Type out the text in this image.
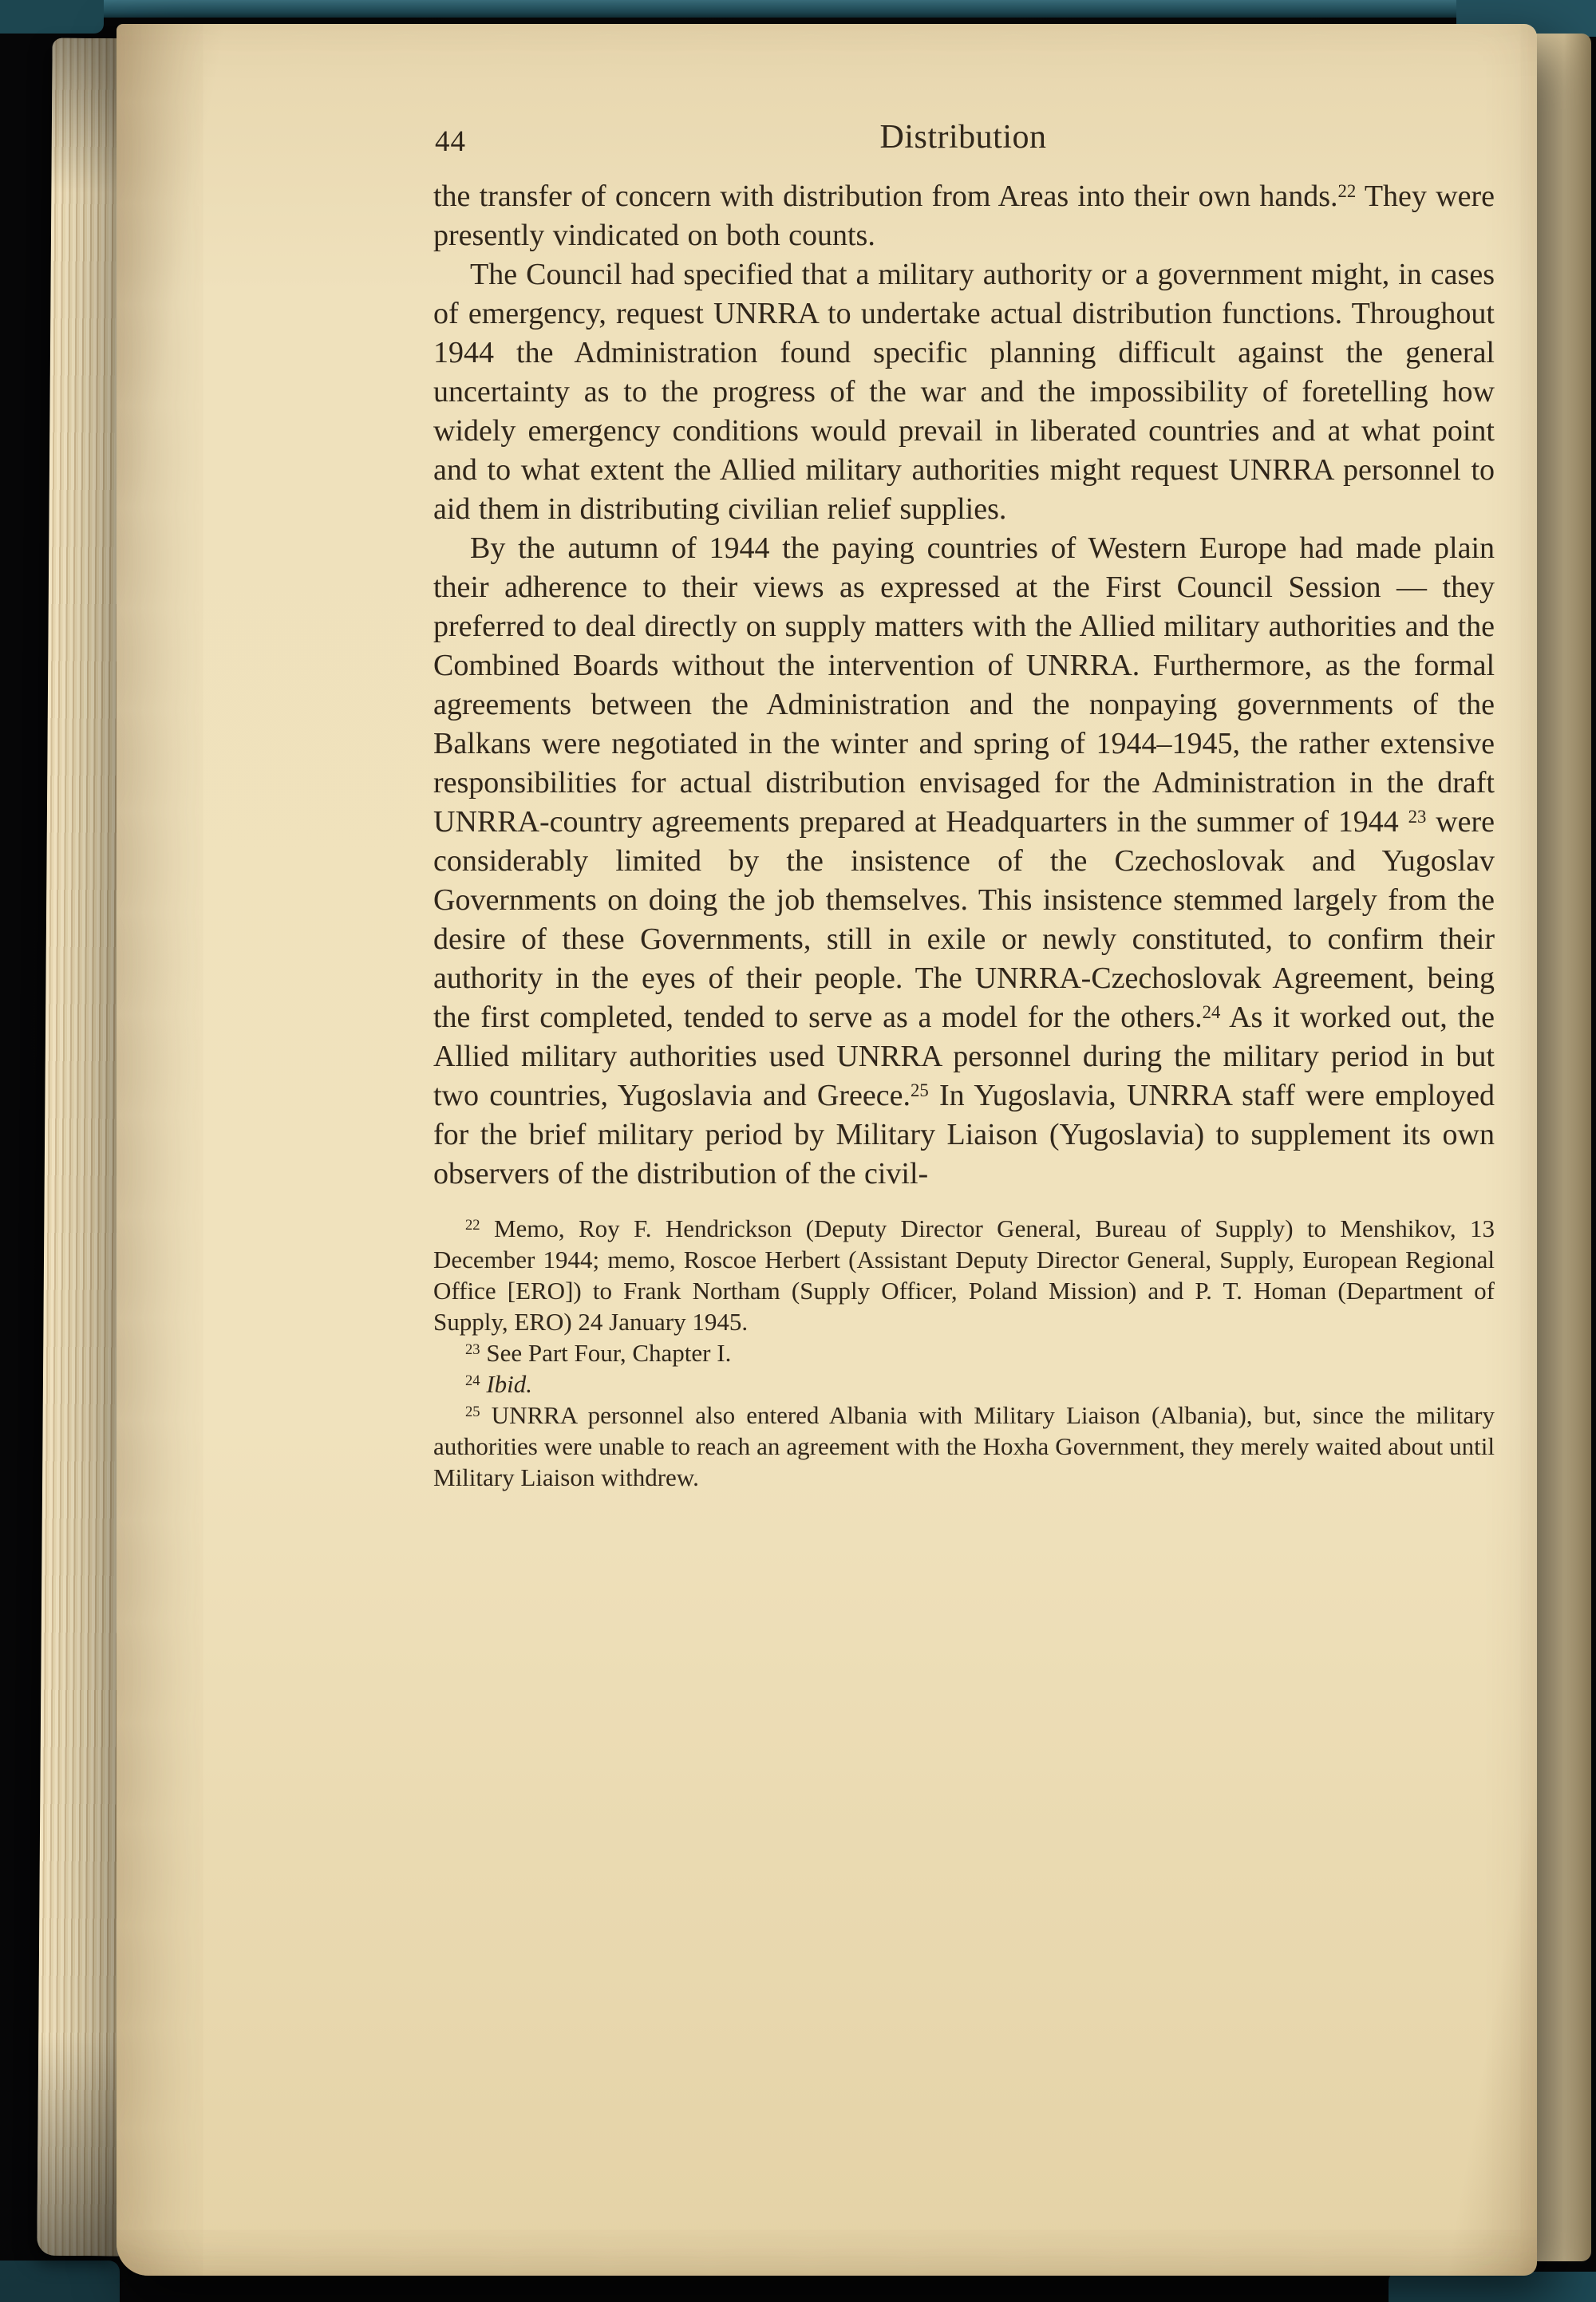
44	Distribution

the transfer of concern with distribution from Areas into their own hands.$^{22}$ They were presently vindicated on both counts.

The Council had specified that a military authority or a government might, in cases of emergency, request UNRRA to undertake actual distribution functions. Throughout 1944 the Administration found specific planning difficult against the general uncertainty as to the progress of the war and the impossibility of foretelling how widely emergency conditions would prevail in liberated countries and at what point and to what extent the Allied military authorities might request UNRRA personnel to aid them in distributing civilian relief supplies.

By the autumn of 1944 the paying countries of Western Europe had made plain their adherence to their views as expressed at the First Council Session — they preferred to deal directly on supply matters with the Allied military authorities and the Combined Boards without the intervention of UNRRA. Furthermore, as the formal agreements between the Administration and the nonpaying governments of the Balkans were negotiated in the winter and spring of 1944–1945, the rather extensive responsibilities for actual distribution envisaged for the Administration in the draft UNRRA-country agreements prepared at Headquarters in the summer of 1944 $^{23}$ were considerably limited by the insistence of the Czechoslovak and Yugoslav Governments on doing the job themselves. This insistence stemmed largely from the desire of these Governments, still in exile or newly constituted, to confirm their authority in the eyes of their people. The UNRRA-Czechoslovak Agreement, being the first completed, tended to serve as a model for the others.$^{24}$ As it worked out, the Allied military authorities used UNRRA personnel during the military period in but two countries, Yugoslavia and Greece.$^{25}$ In Yugoslavia, UNRRA staff were employed for the brief military period by Military Liaison (Yugoslavia) to supplement its own observers of the distribution of the civil-

$^{22}$ Memo, Roy F. Hendrickson (Deputy Director General, Bureau of Supply) to Menshikov, 13 December 1944; memo, Roscoe Herbert (Assistant Deputy Director General, Supply, European Regional Office [ERO]) to Frank Northam (Supply Officer, Poland Mission) and P. T. Homan (Department of Supply, ERO) 24 January 1945.

$^{23}$ See Part Four, Chapter I.

$^{24}$ Ibid.

$^{25}$ UNRRA personnel also entered Albania with Military Liaison (Albania), but, since the military authorities were unable to reach an agreement with the Hoxha Government, they merely waited about until Military Liaison withdrew.
